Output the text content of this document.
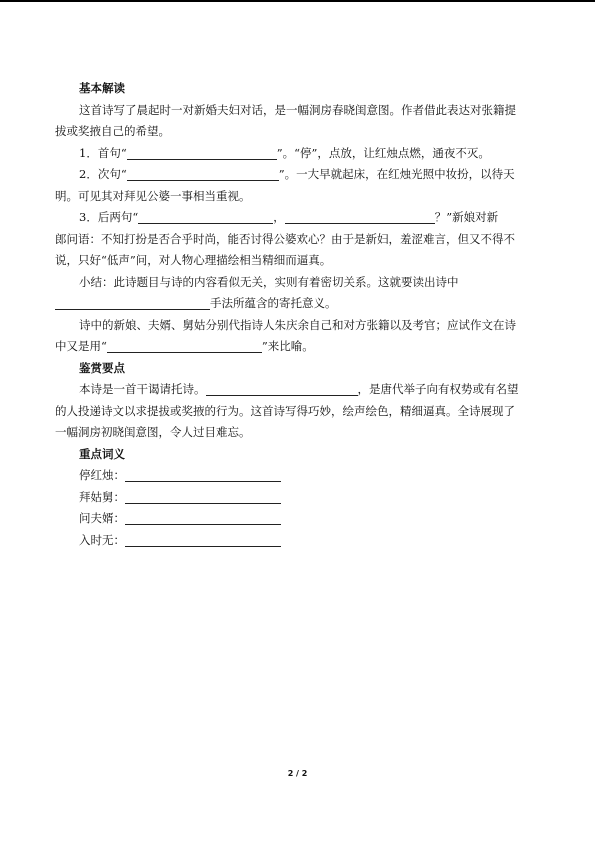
基本解读

这首诗写了晨起时一对新婚夫妇对话，是一幅洞房春晓闺意图。作者借此表达对张籍提

拔或奖掖自己的希望。

1．首句“	”。“停”，点放，让红烛点燃，通夜不灭。

2．次句“	”。一大早就起床，在红烛光照中妆扮，以待天

明。可见其对拜见公婆一事相当重视。

3．后两句“	，	？”新娘对新

郎问语：不知打扮是否合乎时尚，能否讨得公婆欢心？由于是新妇，羞涩难言，但又不得不

说，只好“低声”问，对人物心理描绘相当精细而逼真。

小结：此诗题目与诗的内容看似无关，实则有着密切关系。这就要读出诗中

手法所蕴含的寄托意义。

诗中的新娘、夫婿、舅姑分别代指诗人朱庆余自己和对方张籍以及考官；应试作文在诗

中又是用“	”来比喻。

鉴赏要点

本诗是一首干谒请托诗。	，是唐代举子向有权势或有名望

的人投递诗文以求提拔或奖掖的行为。这首诗写得巧妙，绘声绘色，精细逼真。全诗展现了

一幅洞房初晓闺意图，令人过目难忘。

重点词义
停红烛：
拜姑舅：
问夫婿：
入时无：
2 / 2
